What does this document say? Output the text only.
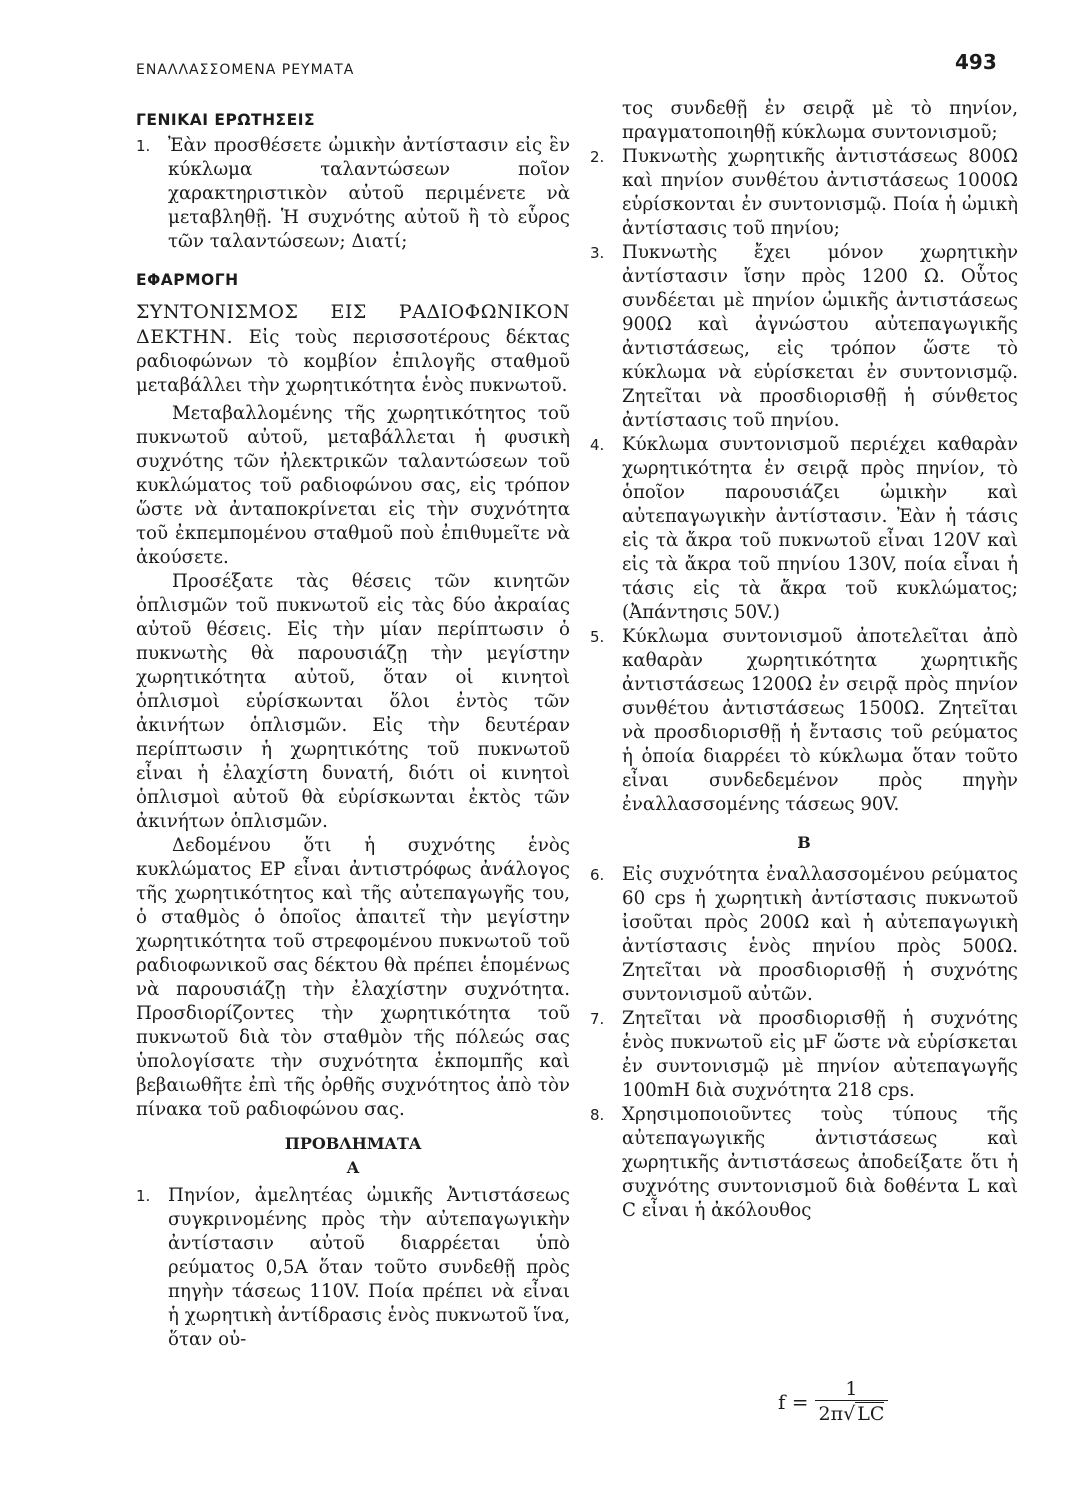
ΕΝΑΛΛΑΣΣΟΜΕΝΑ ΡΕΥΜΑΤΑ	493
ΓΕΝΙΚΑΙ ΕΡΩΤΗΣΕΙΣ
1. Ἐὰν προσθέσετε ὠμικὴν ἀντίστασιν εἰς ἓν κύκλωμα ταλαντώσεων ποῖον χαρακτηριστικὸν αὐτοῦ περιμένετε νὰ μεταβληθῇ. Ἡ συχνότης αὐτοῦ ἢ τὸ εὗρος τῶν ταλαντώσεων; Διατί;

ΕΦΑΡΜΟΓΗ

ΣΥΝΤΟΝΙΣΜΟΣ ΕΙΣ ΡΑΔΙΟΦΩΝΙΚΟΝ ΔΕΚΤΗΝ. Εἰς τοὺς περισσοτέρους δέκτας ραδιοφώνων τὸ κομβίον ἐπιλογῆς σταθμοῦ μεταβάλλει τὴν χωρητικότητα ἑνὸς πυκνωτοῦ.

Μεταβαλλομένης τῆς χωρητικότητος τοῦ πυκνωτοῦ αὐτοῦ, μεταβάλλεται ἡ φυσικὴ συχνότης τῶν ἠλεκτρικῶν ταλαντώσεων τοῦ κυκλώματος τοῦ ραδιοφώνου σας, εἰς τρόπον ὥστε νὰ ἀνταποκρίνεται εἰς τὴν συχνότητα τοῦ ἐκπεμπομένου σταθμοῦ ποὺ ἐπιθυμεῖτε νὰ ἀκούσετε.

Προσέξατε τὰς θέσεις τῶν κινητῶν ὁπλισμῶν τοῦ πυκνωτοῦ εἰς τὰς δύο ἀκραίας αὐτοῦ θέσεις. Εἰς τὴν μίαν περίπτωσιν ὁ πυκνωτὴς θὰ παρουσιάζῃ τὴν μεγίστην χωρητικότητα αὐτοῦ, ὅταν οἱ κινητοὶ ὁπλισμοὶ εὑρίσκωνται ὅλοι ἐντὸς τῶν ἀκινήτων ὁπλισμῶν. Εἰς τὴν δευτέραν περίπτωσιν ἡ χωρητικότης τοῦ πυκνωτοῦ εἶναι ἡ ἐλαχίστη δυνατή, διότι οἱ κινητοὶ ὁπλισμοὶ αὐτοῦ θὰ εὑρίσκωνται ἐκτὸς τῶν ἀκινήτων ὁπλισμῶν.

Δεδομένου ὅτι ἡ συχνότης ἑνὸς κυκλώματος ΕΡ εἶναι ἀντιστρόφως ἀνάλογος τῆς χωρητικότητος καὶ τῆς αὐτεπαγωγῆς του, ὁ σταθμὸς ὁ ὁποῖος ἀπαιτεῖ τὴν μεγίστην χωρητικότητα τοῦ στρεφομένου πυκνωτοῦ τοῦ ραδιοφωνικοῦ σας δέκτου θὰ πρέπει ἑπομένως νὰ παρουσιάζῃ τὴν ἐλαχίστην συχνότητα. Προσδιορίζοντες τὴν χωρητικότητα τοῦ πυκνωτοῦ διὰ τὸν σταθμὸν τῆς πόλεώς σας ὑπολογίσατε τὴν συχνότητα ἐκπομπῆς καὶ βεβαιωθῆτε ἐπὶ τῆς ὀρθῆς συχνότητος ἀπὸ τὸν πίνακα τοῦ ραδιοφώνου σας.

ΠΡΟΒΛΗΜΑΤΑ
Α
1. Πηνίον, ἀμελητέας ὠμικῆς Ἀντιστάσεως συγκρινομένης πρὸς τὴν αὐτεπαγωγικὴν ἀντίστασιν αὐτοῦ διαρρέεται ὑπὸ ρεύματος 0,5Α ὅταν τοῦτο συνδεθῇ πρὸς πηγὴν τάσεως 110V. Ποία πρέπει νὰ εἶναι ἡ χωρητικὴ ἀντίδρασις ἑνὸς πυκνωτοῦ ἵνα, ὅταν οὐ-

τος συνδεθῇ ἐν σειρᾷ μὲ τὸ πηνίον, πραγματοποιηθῇ κύκλωμα συντονισμοῦ;

2. Πυκνωτὴς χωρητικῆς ἀντιστάσεως 800Ω καὶ πηνίον συνθέτου ἀντιστάσεως 1000Ω εὑρίσκονται ἐν συντονισμῷ. Ποία ἡ ὠμικὴ ἀντίστασις τοῦ πηνίου;

3. Πυκνωτὴς ἔχει μόνον χωρητικὴν ἀντίστασιν ἴσην πρὸς 1200 Ω. Οὗτος συνδέεται μὲ πηνίον ὠμικῆς ἀντιστάσεως 900Ω καὶ ἀγνώστου αὐτεπαγωγικῆς ἀντιστάσεως, εἰς τρόπον ὥστε τὸ κύκλωμα νὰ εὑρίσκεται ἐν συντονισμῷ. Ζητεῖται νὰ προσδιορισθῇ ἡ σύνθετος ἀντίστασις τοῦ πηνίου.

4. Κύκλωμα συντονισμοῦ περιέχει καθαρὰν χωρητικότητα ἐν σειρᾷ πρὸς πηνίον, τὸ ὁποῖον παρουσιάζει ὠμικὴν καὶ αὐτεπαγωγικὴν ἀντίστασιν. Ἐὰν ἡ τάσις εἰς τὰ ἄκρα τοῦ πυκνωτοῦ εἶναι 120V καὶ εἰς τὰ ἄκρα τοῦ πηνίου 130V, ποία εἶναι ἡ τάσις εἰς τὰ ἄκρα τοῦ κυκλώματος; (Ἀπάντησις 50V.)

5. Κύκλωμα συντονισμοῦ ἀποτελεῖται ἀπὸ καθαρὰν χωρητικότητα χωρητικῆς ἀντιστάσεως 1200Ω ἐν σειρᾷ πρὸς πηνίον συνθέτου ἀντιστάσεως 1500Ω. Ζητεῖται νὰ προσδιορισθῇ ἡ ἔντασις τοῦ ρεύματος ἡ ὁποία διαρρέει τὸ κύκλωμα ὅταν τοῦτο εἶναι συνδεδεμένον πρὸς πηγὴν ἐναλλασσομένης τάσεως 90V.

Β
6. Εἰς συχνότητα ἐναλλασσομένου ρεύματος 60 cps ἡ χωρητικὴ ἀντίστασις πυκνωτοῦ ἰσοῦται πρὸς 200Ω καὶ ἡ αὐτεπαγωγικὴ ἀντίστασις ἑνὸς πηνίου πρὸς 500Ω. Ζητεῖται νὰ προσδιορισθῇ ἡ συχνότης συντονισμοῦ αὐτῶν.

7. Ζητεῖται νὰ προσδιορισθῇ ἡ συχνότης ἑνὸς πυκνωτοῦ εἰς μF ὥστε νὰ εὑρίσκεται ἐν συντονισμῷ μὲ πηνίον αὐτεπαγωγῆς 100mH διὰ συχνότητα 218 cps.

8. Χρησιμοποιοῦντες τοὺς τύπους τῆς αὐτεπαγωγικῆς ἀντιστάσεως καὶ χωρητικῆς ἀντιστάσεως ἀποδείξατε ὅτι ἡ συχνότης συντονισμοῦ διὰ δοθέντα L καὶ C εἶναι ἡ ἀκόλουθος

$f = \frac{1}{2\pi√ LC}$
